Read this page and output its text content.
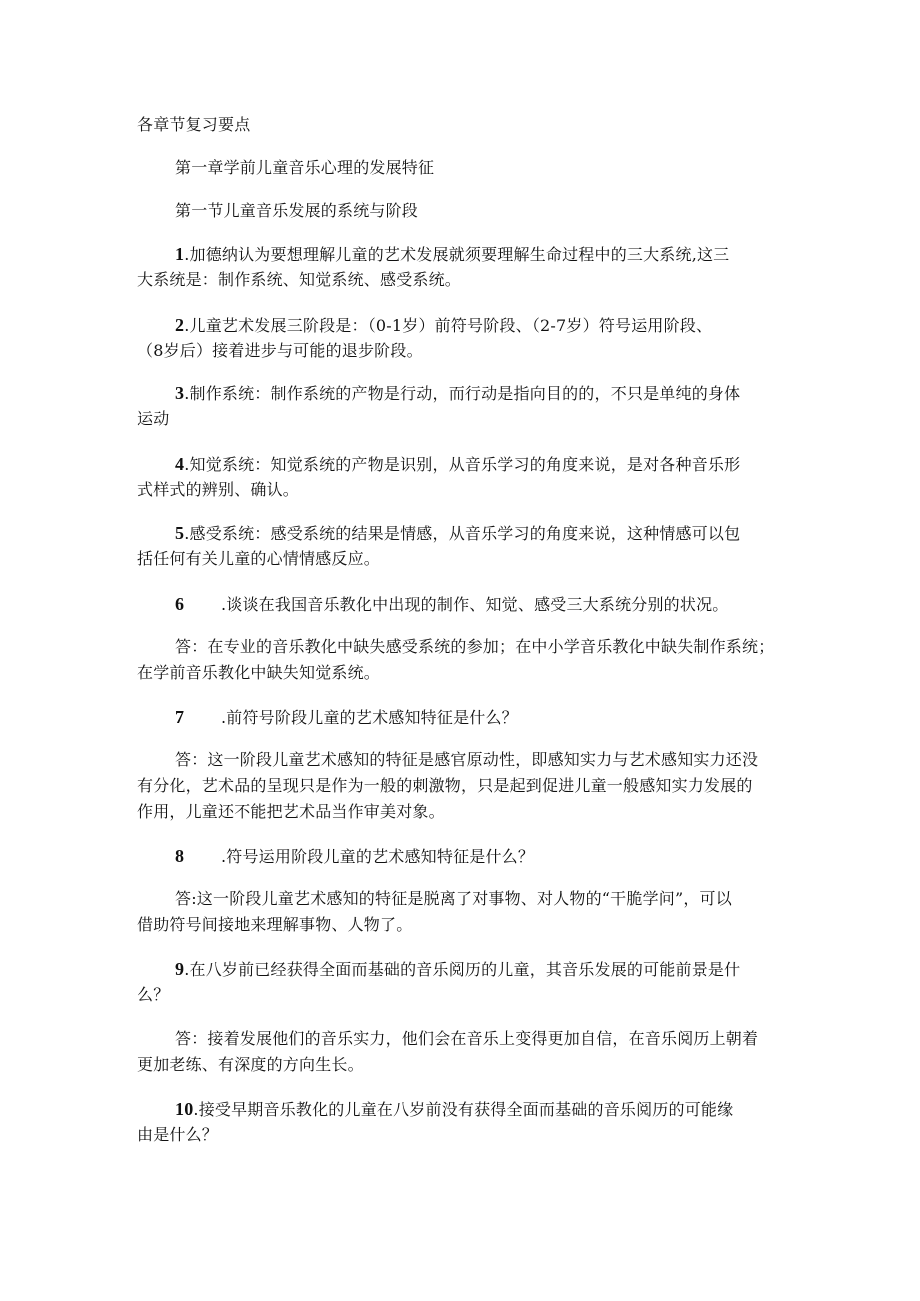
各章节复习要点

第一章学前儿童音乐心理的发展特征

第一节儿童音乐发展的系统与阶段

1.加德纳认为要想理解儿童的艺术发展就须要理解生命过程中的三大系统,这三

大系统是：制作系统、知觉系统、感受系统。

2.儿童艺术发展三阶段是：（0-1岁）前符号阶段、（2-7岁）符号运用阶段、

（8岁后）接着进步与可能的退步阶段。

3.制作系统：制作系统的产物是行动，而行动是指向目的的，不只是单纯的身体

运动

4.知觉系统：知觉系统的产物是识别，从音乐学习的角度来说，是对各种音乐形

式样式的辨别、确认。

5.感受系统：感受系统的结果是情感，从音乐学习的角度来说，这种情感可以包

括任何有关儿童的心情情感反应。

6 .谈谈在我国音乐教化中出现的制作、知觉、感受三大系统分别的状况。

答：在专业的音乐教化中缺失感受系统的参加；在中小学音乐教化中缺失制作系统；

在学前音乐教化中缺失知觉系统。

7 .前符号阶段儿童的艺术感知特征是什么？

答：这一阶段儿童艺术感知的特征是感官原动性，即感知实力与艺术感知实力还没

有分化，艺术品的呈现只是作为一般的刺激物，只是起到促进儿童一般感知实力发展的

作用，儿童还不能把艺术品当作审美对象。

8 .符号运用阶段儿童的艺术感知特征是什么？

答:这一阶段儿童艺术感知的特征是脱离了对事物、对人物的“干脆学问”，可以

借助符号间接地来理解事物、人物了。

9.在八岁前已经获得全面而基础的音乐阅历的儿童，其音乐发展的可能前景是什

么？

答：接着发展他们的音乐实力，他们会在音乐上变得更加自信，在音乐阅历上朝着

更加老练、有深度的方向生长。

10.接受早期音乐教化的儿童在八岁前没有获得全面而基础的音乐阅历的可能缘

由是什么？
